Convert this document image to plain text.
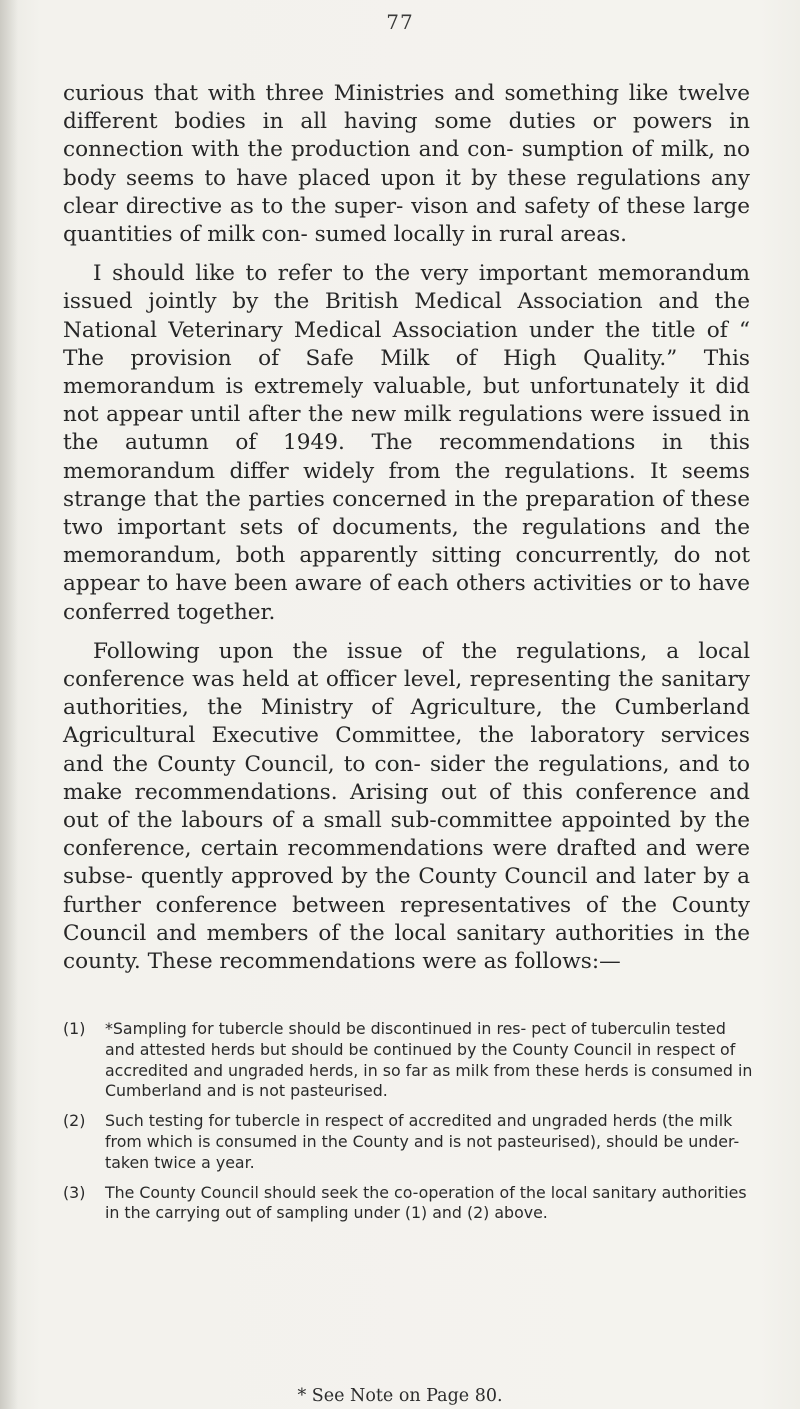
77

curious that with three Ministries and something like twelve different bodies in all having some duties or powers in connection with the production and con- sumption of milk, no body seems to have placed upon it by these regulations any clear directive as to the super- vison and safety of these large quantities of milk con- sumed locally in rural areas.

I should like to refer to the very important memorandum issued jointly by the British Medical Association and the National Veterinary Medical Association under the title of “ The provision of Safe Milk of High Quality.” This memorandum is extremely valuable, but unfortunately it did not appear until after the new milk regulations were issued in the autumn of 1949. The recommendations in this memorandum differ widely from the regulations. It seems strange that the parties concerned in the preparation of these two important sets of documents, the regulations and the memorandum, both apparently sitting concurrently, do not appear to have been aware of each others activities or to have conferred together.

Following upon the issue of the regulations, a local conference was held at officer level, representing the sanitary authorities, the Ministry of Agriculture, the Cumberland Agricultural Executive Committee, the laboratory services and the County Council, to con- sider the regulations, and to make recommendations. Arising out of this conference and out of the labours of a small sub-committee appointed by the conference, certain recommendations were drafted and were subse- quently approved by the County Council and later by a further conference between representatives of the County Council and members of the local sanitary authorities in the county. These recommendations were as follows:—

(1)	*Sampling for tubercle should be discontinued in res- pect of tuberculin tested and attested herds but should be continued by the County Council in respect of accredited and ungraded herds, in so far as milk from these herds is consumed in Cumberland and is not pasteurised.
(2)	Such testing for tubercle in respect of accredited and ungraded herds (the milk from which is consumed in the County and is not pasteurised), should be under- taken twice a year.
(3)	The County Council should seek the co-operation of the local sanitary authorities in the carrying out of sampling under (1) and (2) above.
* See Note on Page 80.
